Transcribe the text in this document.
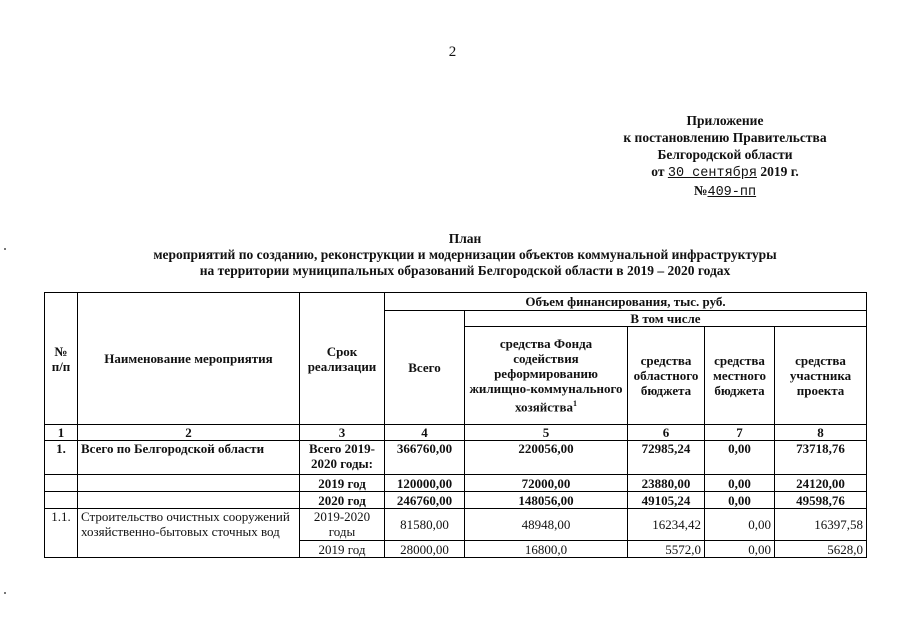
2
Приложение
к постановлению Правительства
Белгородской области
от 30 сентября 2019 г.
№409-пп
План
мероприятий по созданию, реконструкции и модернизации объектов коммунальной инфраструктуры
на территории муниципальных образований Белгородской области в 2019 – 2020 годах
№ п/п	Наименование мероприятия	Срок реализации	Объем финансирования, тыс. руб.				
			Всего	В том числе			
				средства Фонда содействия реформированию жилищно-коммунального хозяйства$^1$	средства областного бюджета	средства местного бюджета	средства участника проекта
1	2	3	4	5	6	7	8
1.	Всего по Белгородской области	Всего 2019-2020 годы:	366760,00	220056,00	72985,24	0,00	73718,76
		2019 год	120000,00	72000,00	23880,00	0,00	24120,00
		2020 год	246760,00	148056,00	49105,24	0,00	49598,76
1.1.	Строительство очистных сооружений хозяйственно-бытовых сточных вод	2019-2020 годы	81580,00	48948,00	16234,42	0,00	16397,58
		2019 год	28000,00	16800,0	5572,0	0,00	5628,0
